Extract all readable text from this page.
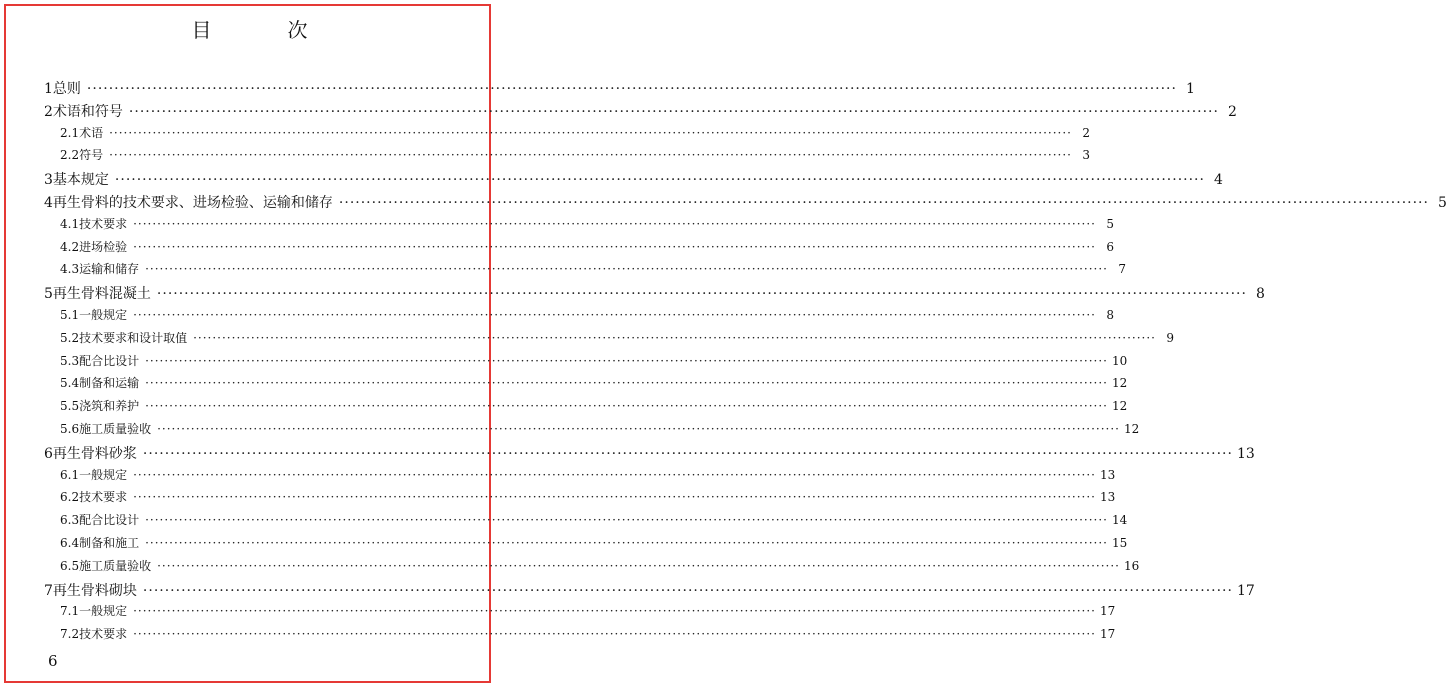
目　次
1 总则 ········································································································································································································ 1
2 术语和符号 ········································································································································································································ 2
2.1 术语 ········································································································································································································ 2
2.2 符号 ········································································································································································································ 3
3 基本规定 ········································································································································································································ 4
4 再生骨料的技术要求、进场检验、运输和储存 ········································································································································································································ 5
4.1 技术要求 ········································································································································································································ 5
4.2 进场检验 ········································································································································································································ 6
4.3 运输和储存 ········································································································································································································ 7
5 再生骨料混凝土 ········································································································································································································ 8
5.1 一般规定 ········································································································································································································ 8
5.2 技术要求和设计取值 ········································································································································································································ 9
5.3 配合比设计 ········································································································································································································ 10
5.4 制备和运输 ········································································································································································································ 12
5.5 浇筑和养护 ········································································································································································································ 12
5.6 施工质量验收 ········································································································································································································ 12
6 再生骨料砂浆 ········································································································································································································ 13
6.1 一般规定 ········································································································································································································ 13
6.2 技术要求 ········································································································································································································ 13
6.3 配合比设计 ········································································································································································································ 14
6.4 制备和施工 ········································································································································································································ 15
6.5 施工质量验收 ········································································································································································································ 16
7 再生骨料砌块 ········································································································································································································ 17
7.1 一般规定 ········································································································································································································ 17
7.2 技术要求 ········································································································································································································ 17
6
